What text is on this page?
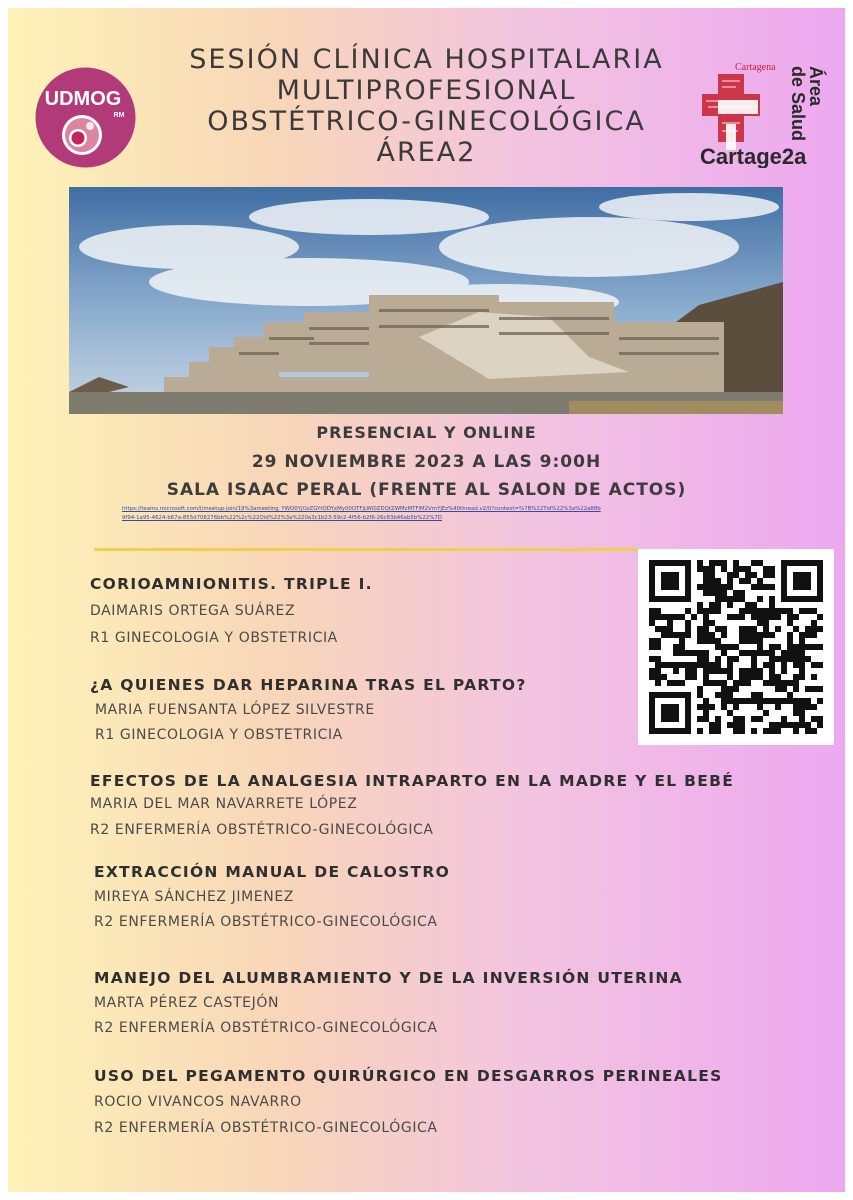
UDMOG
RM
SESIÓN CLÍNICA HOSPITALARIA
MULTIPROFESIONAL
OBSTÉTRICO-GINECOLÓGICA
ÁREA2
Cartagena Área
de Salud
Cartage2a
PRESENCIAL Y ONLINE
29 NOVIEMBRE 2023 A LAS 9:00H
SALA ISAAC PERAL (FRENTE AL SALON DE ACTOS)
https://teams.microsoft.com/l/meetup-join/19%3ameeting_YWO0YjOzZGYtODYxMy00OTFjLWI0ZDQtZWMzMTFlM2VmYjEz%40thread.v2/0?context=%7B%22Tid%22%3a%22a88b9f94-1a95-4624-b67a-855d708276bb%22%2c%22Oid%22%3a%220a3c1b23-59c2-4f56-b2f6-26c83b46ab5b%22%7D
CORIOAMNIONITIS. TRIPLE I.
DAIMARIS ORTEGA SUÁREZ
R1 GINECOLOGIA Y OBSTETRICIA
¿A QUIENES DAR HEPARINA TRAS EL PARTO?
MARIA FUENSANTA LÓPEZ SILVESTRE
R1 GINECOLOGIA Y OBSTETRICIA
EFECTOS DE LA ANALGESIA INTRAPARTO EN LA MADRE Y EL BEBÉ
MARIA DEL MAR NAVARRETE LÓPEZ
R2 ENFERMERÍA OBSTÉTRICO-GINECOLÓGICA
EXTRACCIÓN MANUAL DE CALOSTRO
MIREYA SÁNCHEZ JIMENEZ
R2 ENFERMERÍA OBSTÉTRICO-GINECOLÓGICA
MANEJO DEL ALUMBRAMIENTO Y DE LA INVERSIÓN UTERINA
MARTA PÉREZ CASTEJÓN
R2 ENFERMERÍA OBSTÉTRICO-GINECOLÓGICA
USO DEL PEGAMENTO QUIRÚRGICO EN DESGARROS PERINEALES
ROCIO VIVANCOS NAVARRO
R2 ENFERMERÍA OBSTÉTRICO-GINECOLÓGICA
